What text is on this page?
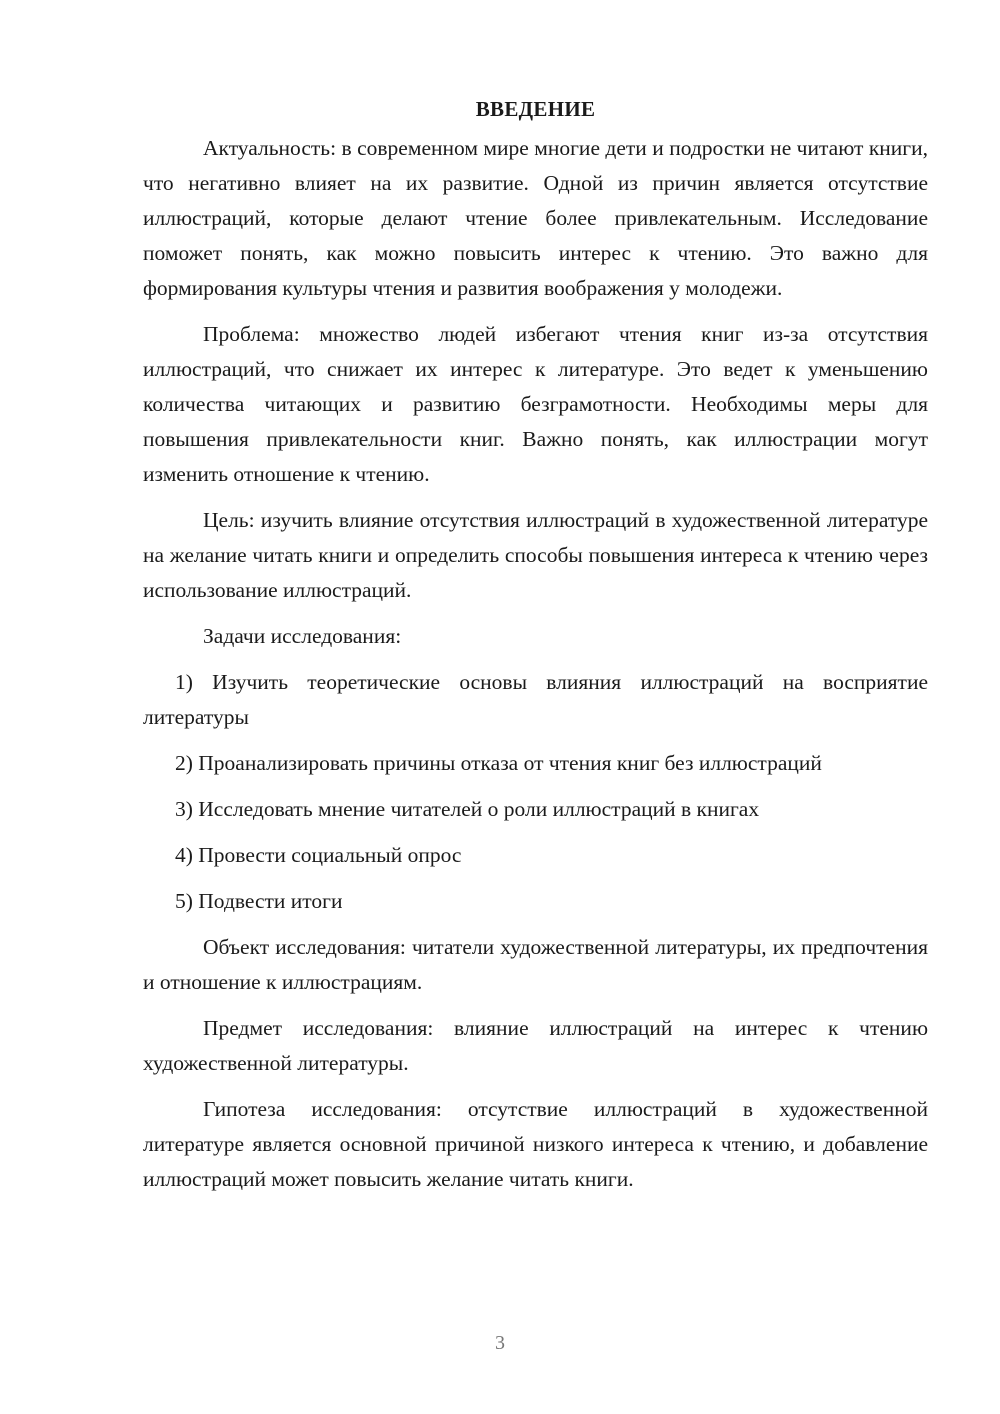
ВВЕДЕНИЕ

Актуальность: в современном мире многие дети и подростки не читают книги, что негативно влияет на их развитие. Одной из причин является отсутствие иллюстраций, которые делают чтение более привлекательным. Исследование поможет понять, как можно повысить интерес к чтению. Это важно для формирования культуры чтения и развития воображения у молодежи.

Проблема: множество людей избегают чтения книг из-за отсутствия иллюстраций, что снижает их интерес к литературе. Это ведет к уменьшению количества читающих и развитию безграмотности. Необходимы меры для повышения привлекательности книг. Важно понять, как иллюстрации могут изменить отношение к чтению.

Цель: изучить влияние отсутствия иллюстраций в художественной литературе на желание читать книги и определить способы повышения интереса к чтению через использование иллюстраций.

Задачи исследования:

1) Изучить теоретические основы влияния иллюстраций на восприятие литературы

2) Проанализировать причины отказа от чтения книг без иллюстраций

3) Исследовать мнение читателей о роли иллюстраций в книгах

4) Провести социальный опрос

5) Подвести итоги

Объект исследования: читатели художественной литературы, их предпочтения и отношение к иллюстрациям.

Предмет исследования: влияние иллюстраций на интерес к чтению художественной литературы.

Гипотеза исследования: отсутствие иллюстраций в художественной литературе является основной причиной низкого интереса к чтению, и добавление иллюстраций может повысить желание читать книги.

3
